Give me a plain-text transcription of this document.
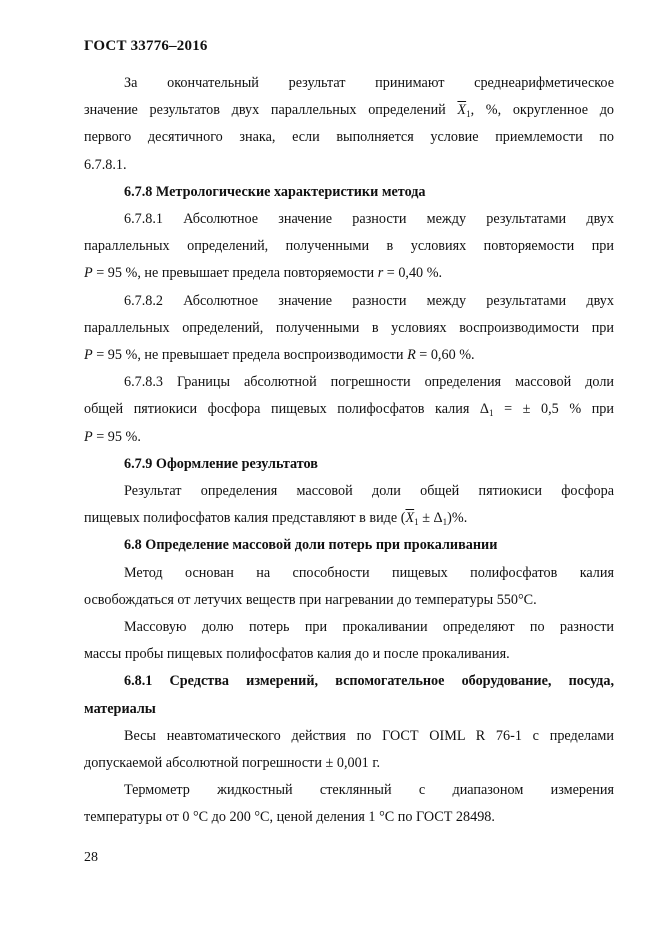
ГОСТ 33776–2016
За окончательный результат принимают среднеарифметическое
значение результатов двух параллельных определений $\overline{X}_1$, %, округленное до
первого десятичного знака, если выполняется условие приемлемости по
6.7.8.1.
6.7.8 Метрологические характеристики метода
6.7.8.1 Абсолютное значение разности между результатами двух
параллельных определений, полученными в условиях повторяемости при
P = 95 %, не превышает предела повторяемости r = 0,40 %.
6.7.8.2 Абсолютное значение разности между результатами двух
параллельных определений, полученными в условиях воспроизводимости при
P = 95 %, не превышает предела воспроизводимости R = 0,60 %.
6.7.8.3 Границы абсолютной погрешности определения массовой доли
общей пятиокиси фосфора пищевых полифосфатов калия $\Delta_1$ = ± 0,5 % при
P = 95 %.
6.7.9 Оформление результатов
Результат определения массовой доли общей пятиокиси фосфора
пищевых полифосфатов калия представляют в виде $(\overline{X}_1 \pm \Delta_1)\%$.
6.8 Определение массовой доли потерь при прокаливании
Метод основан на способности пищевых полифосфатов калия
освобождаться от летучих веществ при нагревании до температуры 550°С.
Массовую долю потерь при прокаливании определяют по разности
массы пробы пищевых полифосфатов калия до и после прокаливания.
6.8.1 Средства измерений, вспомогательное оборудование, посуда,
материалы
Весы неавтоматического действия по ГОСТ OIML R 76-1 с пределами
допускаемой абсолютной погрешности ± 0,001 г.
Термометр жидкостный стеклянный с диапазоном измерения
температуры от 0 °С до 200 °С, ценой деления 1 °С по ГОСТ 28498.
28
